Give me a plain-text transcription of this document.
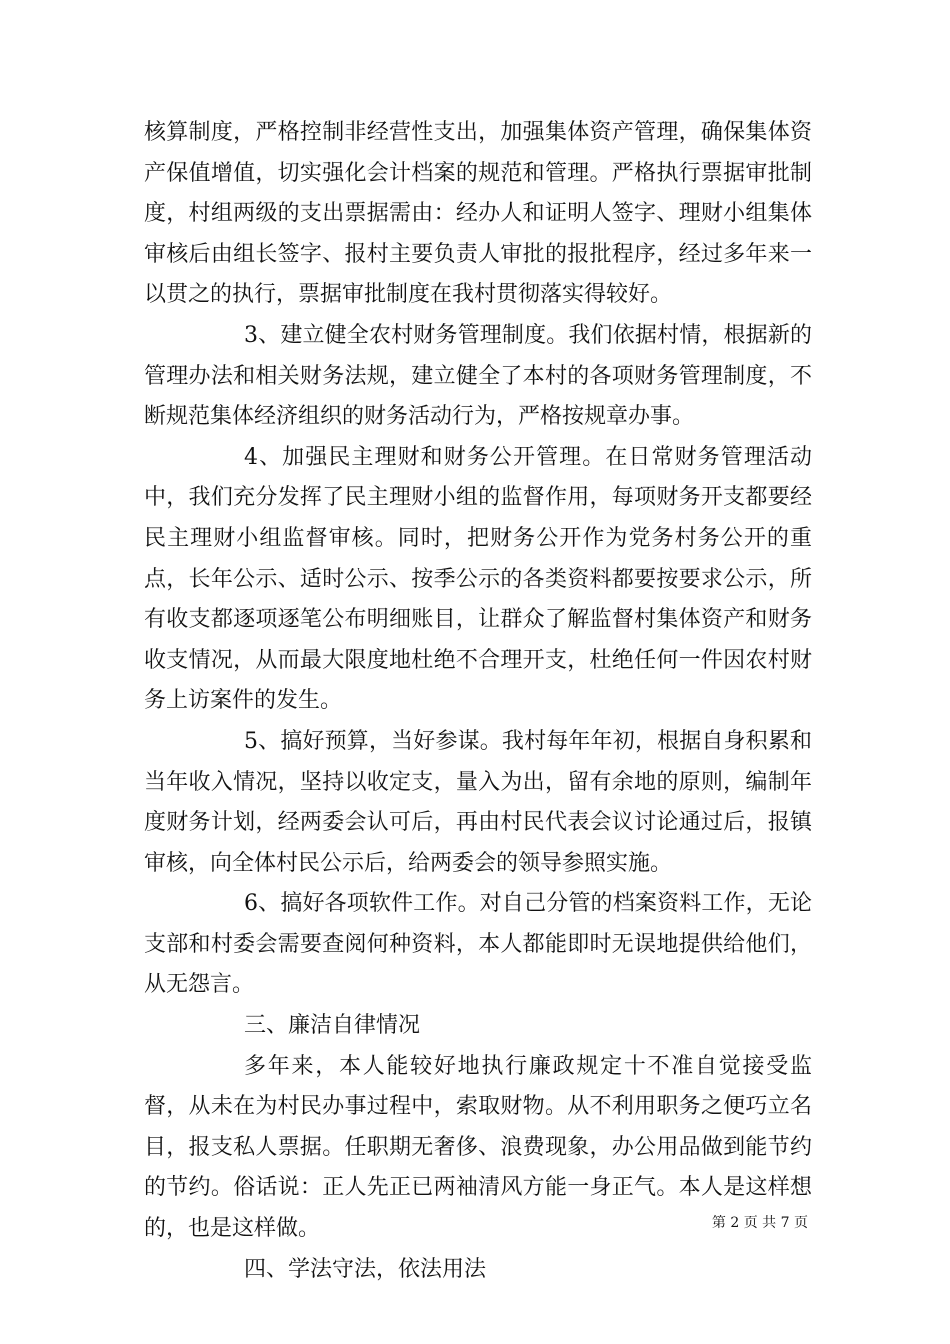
核算制度，严格控制非经营性支出，加强集体资产管理，确保集体资产保值增值，切实强化会计档案的规范和管理。严格执行票据审批制度，村组两级的支出票据需由：经办人和证明人签字、理财小组集体审核后由组长签字、报村主要负责人审批的报批程序，经过多年来一以贯之的执行，票据审批制度在我村贯彻落实得较好。

3、建立健全农村财务管理制度。我们依据村情，根据新的管理办法和相关财务法规，建立健全了本村的各项财务管理制度，不断规范集体经济组织的财务活动行为，严格按规章办事。

4、加强民主理财和财务公开管理。在日常财务管理活动中，我们充分发挥了民主理财小组的监督作用，每项财务开支都要经民主理财小组监督审核。同时，把财务公开作为党务村务公开的重点，长年公示、适时公示、按季公示的各类资料都要按要求公示，所有收支都逐项逐笔公布明细账目，让群众了解监督村集体资产和财务收支情况，从而最大限度地杜绝不合理开支，杜绝任何一件因农村财务上访案件的发生。

5、搞好预算，当好参谋。我村每年年初，根据自身积累和当年收入情况，坚持以收定支，量入为出，留有余地的原则，编制年度财务计划，经两委会认可后，再由村民代表会议讨论通过后，报镇审核，向全体村民公示后，给两委会的领导参照实施。

6、搞好各项软件工作。对自己分管的档案资料工作，无论支部和村委会需要查阅何种资料，本人都能即时无误地提供给他们，从无怨言。

三、廉洁自律情况

多年来，本人能较好地执行廉政规定十不准自觉接受监督，从未在为村民办事过程中，索取财物。从不利用职务之便巧立名目，报支私人票据。任职期无奢侈、浪费现象，办公用品做到能节约的节约。俗话说：正人先正已两袖清风方能一身正气。本人是这样想的，也是这样做。

四、学法守法，依法用法

第 2 页 共 7 页
